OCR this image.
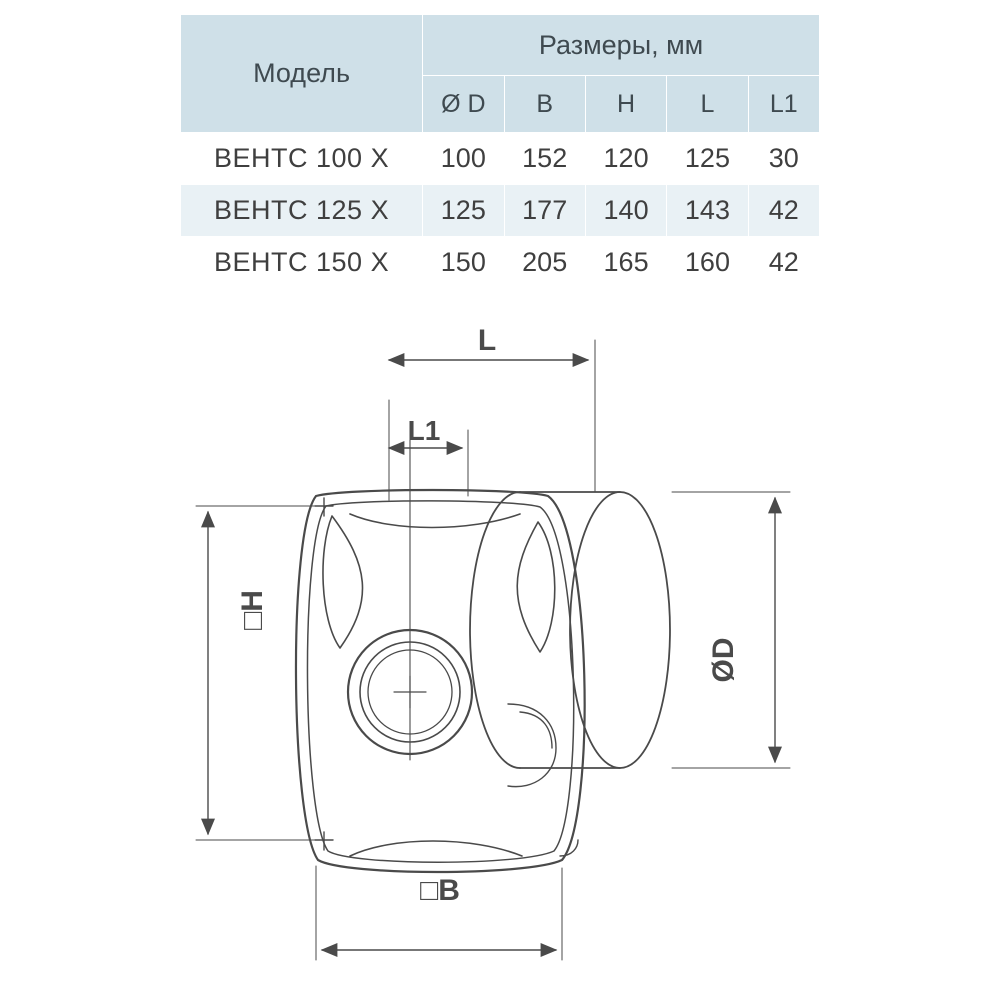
Модель	Размеры, мм				
	Ø D	B	H	L	L1
ВЕНТС 100 Х	100	152	120	125	30
ВЕНТС 125 Х	125	177	140	143	42
ВЕНТС 150 Х	150	205	165	160	42
L
L1
□H
□B
ØD
